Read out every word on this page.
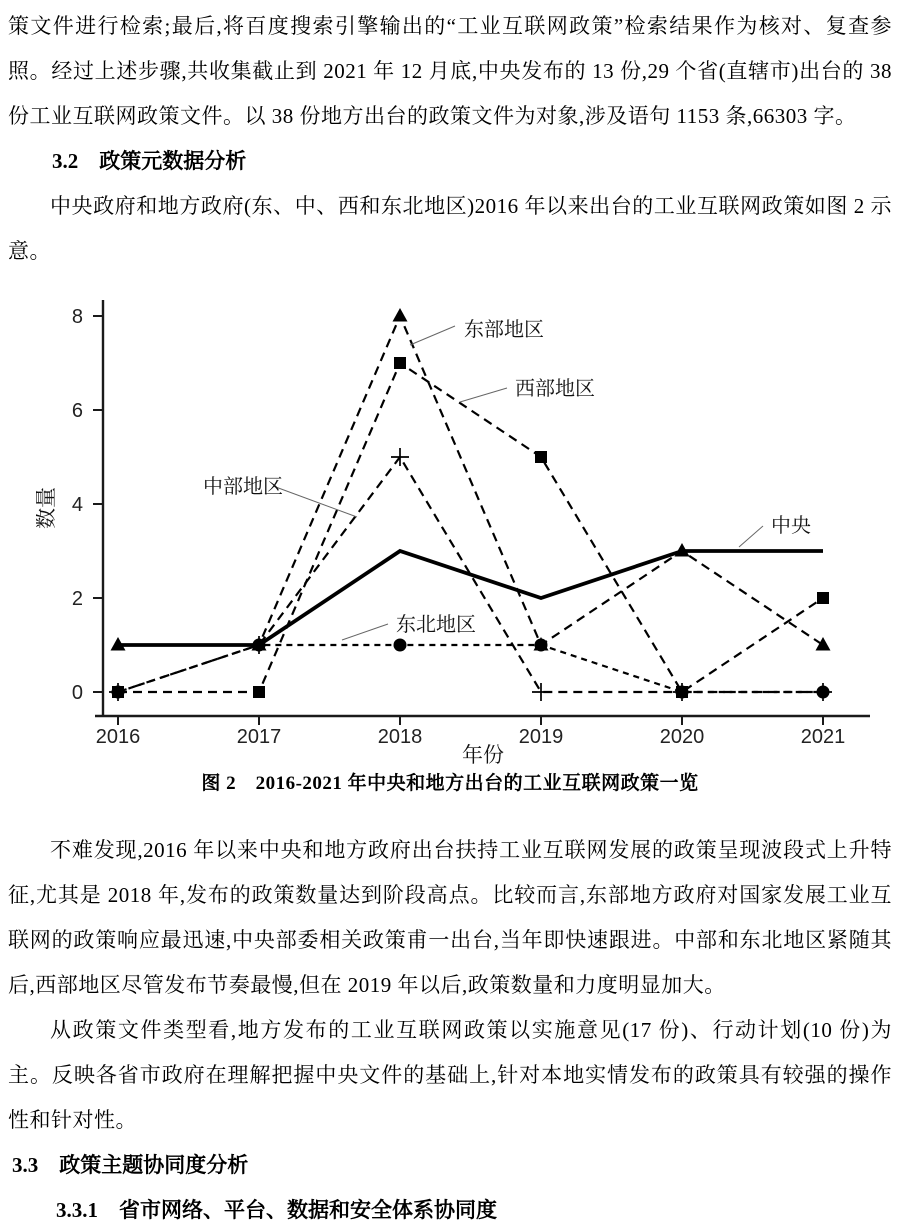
策文件进行检索;最后,将百度搜索引擎输出的“工业互联网政策”检索结果作为核对、复查参照。经过上述步骤,共收集截止到 2021 年 12 月底,中央发布的 13 份,29 个省(直辖市)出台的 38 份工业互联网政策文件。以 38 份地方出台的政策文件为对象,涉及语句 1153 条,66303 字。

3.2　政策元数据分析

中央政府和地方政府(东、中、西和东北地区)2016 年以来出台的工业互联网政策如图 2 示意。

0
2
4
6
8
2016	2017	2018	2019	2020	2021
年份
数量
东部地区
西部地区
中部地区
东北地区
中央
图 2　2016-2021 年中央和地方出台的工业互联网政策一览

不难发现,2016 年以来中央和地方政府出台扶持工业互联网发展的政策呈现波段式上升特征,尤其是 2018 年,发布的政策数量达到阶段高点。比较而言,东部地方政府对国家发展工业互联网的政策响应最迅速,中央部委相关政策甫一出台,当年即快速跟进。中部和东北地区紧随其后,西部地区尽管发布节奏最慢,但在 2019 年以后,政策数量和力度明显加大。

从政策文件类型看,地方发布的工业互联网政策以实施意见(17 份)、行动计划(10 份)为主。反映各省市政府在理解把握中央文件的基础上,针对本地实情发布的政策具有较强的操作性和针对性。

3.3　政策主题协同度分析
3.3.1　省市网络、平台、数据和安全体系协同度
